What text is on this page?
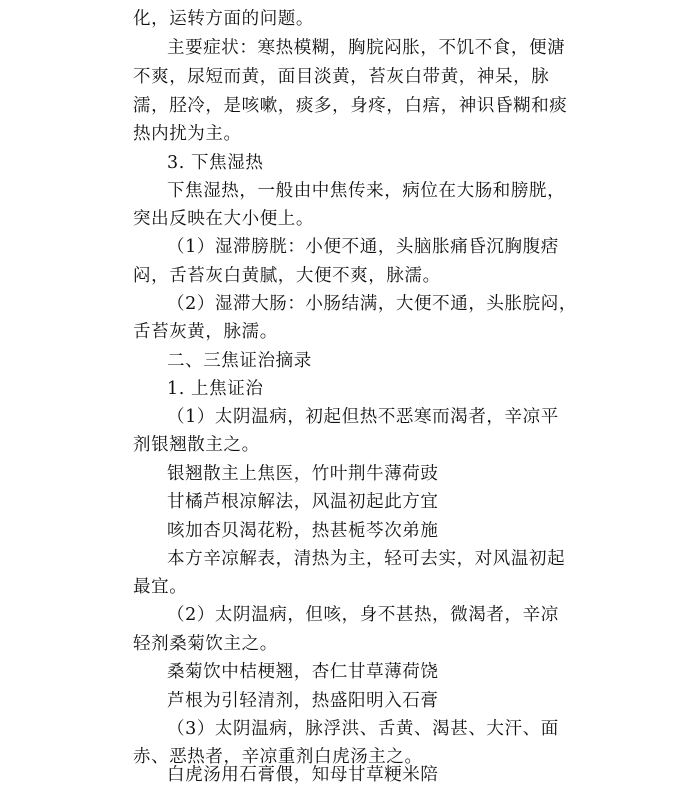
化，运转方面的问题。
主要症状：寒热模糊，胸脘闷胀，不饥不食，便溏
不爽，尿短而黄，面目淡黄，苔灰白带黄，神呆，脉
濡，胫冷，是咳嗽，痰多，身疼，白痦，神识昏糊和痰
热内扰为主。
3. 下焦湿热
下焦湿热，一般由中焦传来，病位在大肠和膀胱，
突出反映在大小便上。
（1）湿滞膀胱：小便不通，头脑胀痛昏沉胸腹痞
闷，舌苔灰白黄腻，大便不爽，脉濡。
（2）湿滞大肠：小肠结满，大便不通，头胀脘闷，
舌苔灰黄，脉濡。
二、三焦证治摘录
1. 上焦证治
（1）太阴温病，初起但热不恶寒而渴者，辛凉平
剂银翘散主之。
银翘散主上焦医，竹叶荆牛薄荷豉
甘橘芦根凉解法，风温初起此方宜
咳加杏贝渴花粉，热甚栀芩次弟施
本方辛凉解表，清热为主，轻可去实，对风温初起
最宜。
（2）太阴温病，但咳，身不甚热，微渴者，辛凉
轻剂桑菊饮主之。
桑菊饮中桔梗翘，杏仁甘草薄荷饶
芦根为引轻清剂，热盛阳明入石膏
（3）太阴温病，脉浮洪、舌黄、渴甚、大汗、面
赤、恶热者，辛凉重剂白虎汤主之。
白虎汤用石膏偎，知母甘草粳米陪
